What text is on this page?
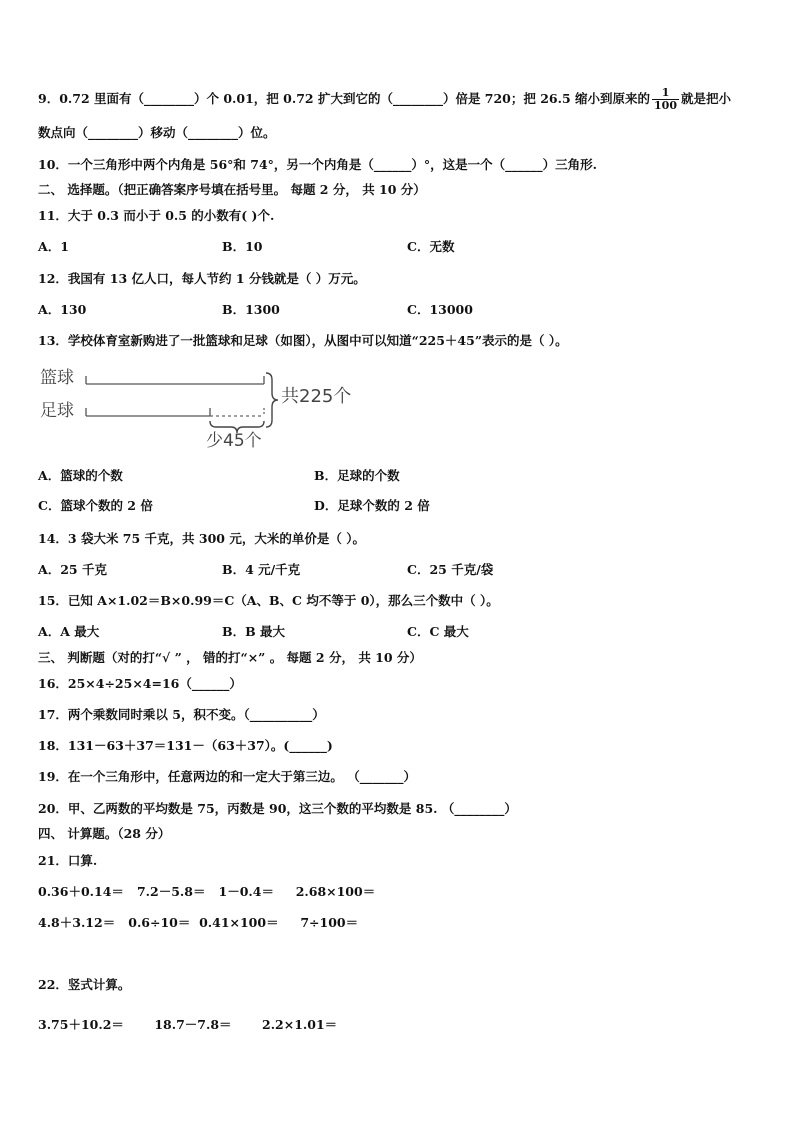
9．0.72 里面有（________）个 0.01，把 0.72 扩大到它的（________）倍是 720；把 26.5 缩小到原来的 $\frac{1}{100}$ 就是把小
数点向（________）移动（________）位。
10．一个三角形中两个内角是 56°和 74°，另一个内角是（______）°，这是一个（______）三角形.
二、 选择题。（把正确答案序号填在括号里。 每题 2 分， 共 10 分）
11．大于 0.3 而小于 0.5 的小数有( )个.
A．1	B．10	C．无数
12．我国有 13 亿人口，每人节约 1 分钱就是（ ）万元。
A．130	B．1300	C．13000
13．学校体育室新购进了一批篮球和足球（如图），从图中可以知道“225＋45”表示的是（ ）。
篮球
足球
共225个
少45个
A．篮球的个数	B．足球的个数
C．篮球个数的 2 倍	D．足球个数的 2 倍
14．3 袋大米 75 千克，共 300 元，大米的单价是（ ）。
A．25 千克	B．4 元/千克	C．25 千克/袋
15．已知 A×1.02＝B×0.99＝C（A、B、C 均不等于 0），那么三个数中（ ）。
A．A 最大	B．B 最大	C．C 最大
三、 判断题（对的打“√ ” ， 错的打“×” 。 每题 2 分， 共 10 分）
16．25×4÷25×4=16（______）
17．两个乘数同时乘以 5，积不变。（__________）
18．131－63＋37＝131－（63＋37）。(______)
19．在一个三角形中，任意两边的和一定大于第三边。 （_______）
20．甲、乙两数的平均数是 75，丙数是 90，这三个数的平均数是 85. （________）
四、 计算题。（28 分）
21．口算.
0.36＋0.14＝   7.2－5.8＝   1－0.4＝     2.68×100＝
4.8＋3.12＝   0.6÷10＝  0.41×100＝     7÷100＝
22．竖式计算。
3.75＋10.2＝       18.7－7.8＝       2.2×1.01＝
